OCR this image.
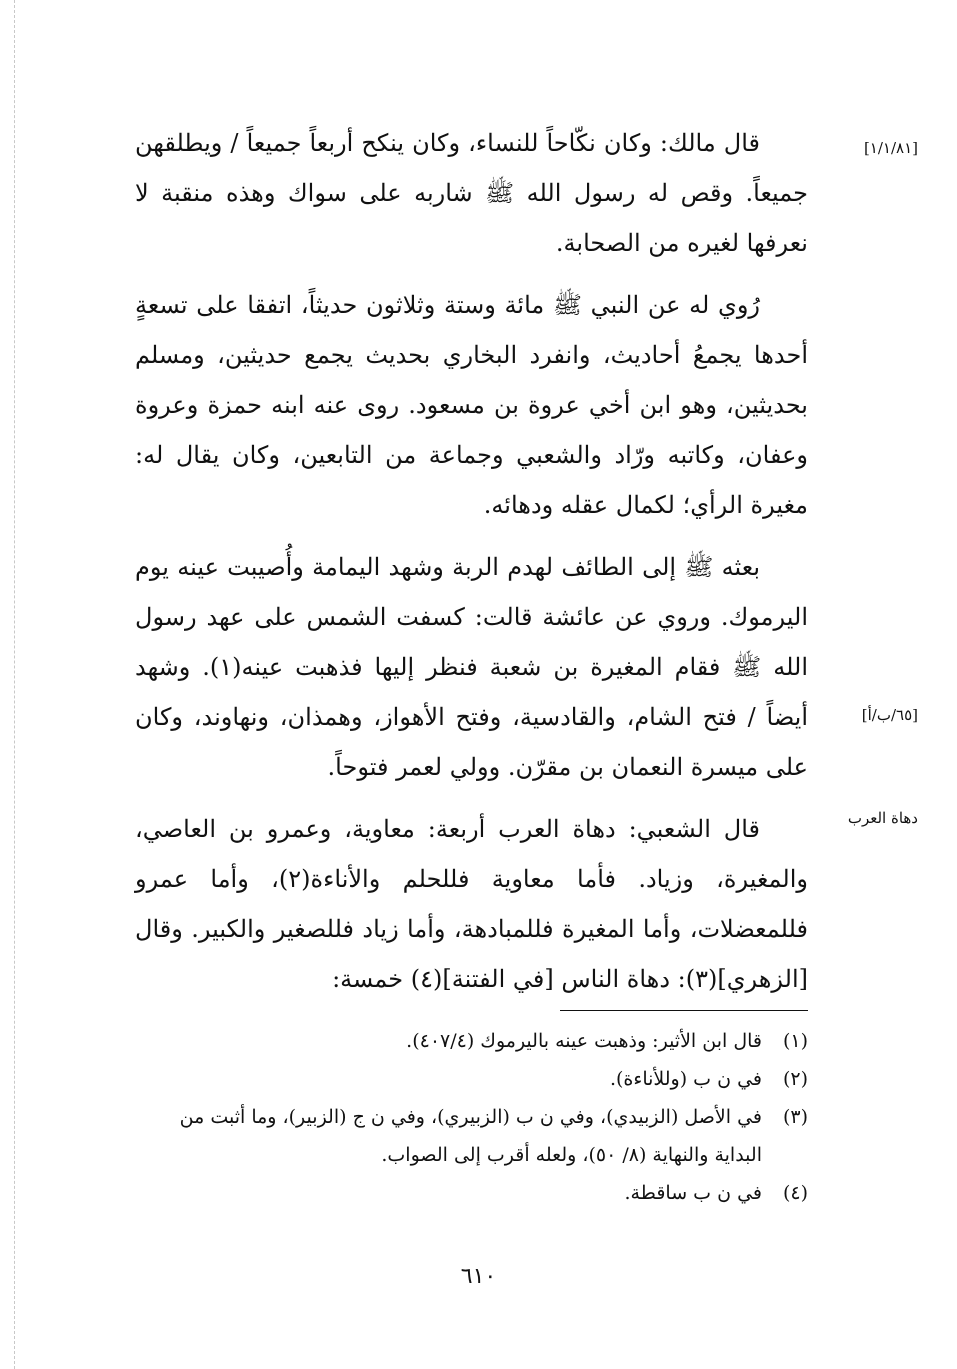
[١/١/٨١]
[٦٥/ب/أ]
دهاة العرب

قال مالك: وكان نكّاحاً للنساء، وكان ينكح أربعاً جميعاً / ويطلقهن جميعاً. وقص له رسول الله ﷺ شاربه على سواك وهذه منقبة لا نعرفها لغيره من الصحابة.

رُوي له عن النبي ﷺ مائة وستة وثلاثون حديثاً، اتفقا على تسعةٍ أحدها يجمعُ أحاديث، وانفرد البخاري بحديث يجمع حديثين، ومسلم بحديثين، وهو ابن أخي عروة بن مسعود. روى عنه ابنه حمزة وعروة وعفان، وكاتبه ورّاد والشعبي وجماعة من التابعين، وكان يقال له: مغيرة الرأي؛ لكمال عقله ودهائه.

بعثه ﷺ إلى الطائف لهدم الربة وشهد اليمامة وأُصيبت عينه يوم اليرموك. وروي عن عائشة قالت: كسفت الشمس على عهد رسول الله ﷺ فقام المغيرة بن شعبة فنظر إليها فذهبت عينه(١). وشهد أيضاً / فتح الشام، والقادسية، وفتح الأهواز، وهمذان، ونهاوند، وكان على ميسرة النعمان بن مقرّن. وولي لعمر فتوحاً.

قال الشعبي: دهاة العرب أربعة: معاوية، وعمرو بن العاصي، والمغيرة، وزياد. فأما معاوية فللحلم والأناءة(٢)، وأما عمرو فللمعضلات، وأما المغيرة فللمبادهة، وأما زياد فللصغير والكبير. وقال [الزهري](٣): دهاة الناس [في الفتنة](٤) خمسة:

(١)قال ابن الأثير: وذهبت عينه باليرموك (٤٠٧/٤).

(٢)في ن ب (وللأناءة).

(٣)في الأصل (الزبيدي)، وفي ن ب (الزبيري)، وفي ن ج (الزبير)، وما أثبت من البداية والنهاية (٨/ ٥٠)، ولعله أقرب إلى الصواب.

(٤)في ن ب ساقطة.

٦١٠
